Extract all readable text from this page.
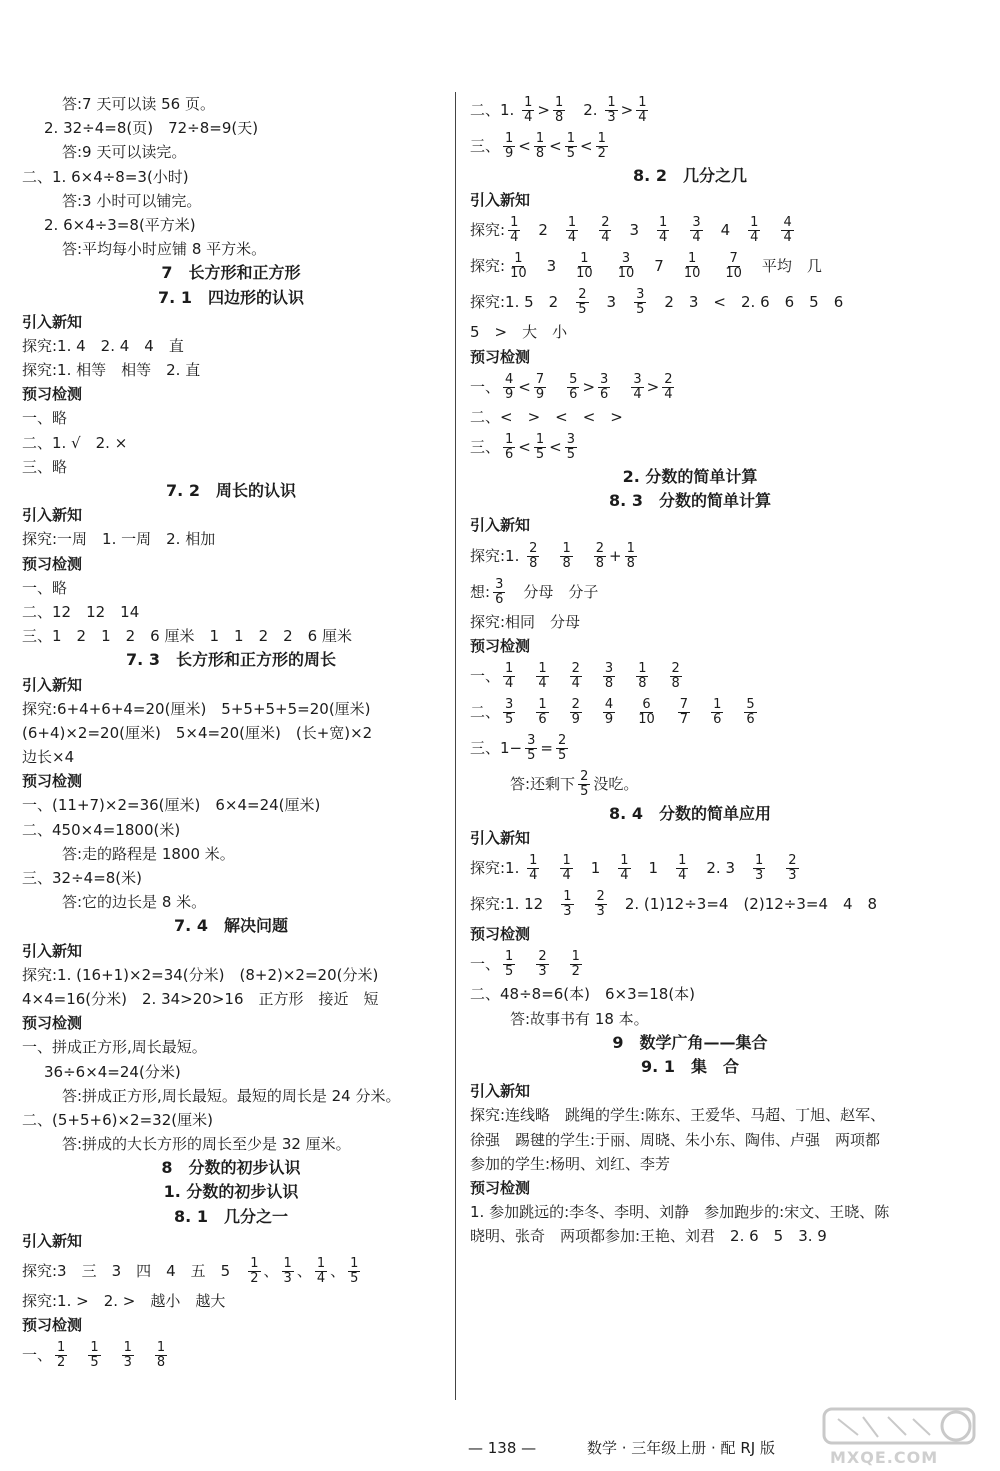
答:7 天可以读 56 页。
2. 32÷4=8(页)　72÷8=9(天)
答:9 天可以读完。
二、1. 6×4÷8=3(小时)
答:3 小时可以铺完。
2. 6×4÷3=8(平方米)
答:平均每小时应铺 8 平方米。
7　长方形和正方形
7. 1　四边形的认识
引入新知
探究:1. 4　2. 4　4　直
探究:1. 相等　相等　2. 直
预习检测
一、略
二、1. √　2. ×
三、略
7. 2　周长的认识
引入新知
探究:一周　1. 一周　2. 相加
预习检测
一、略
二、12　12　14
三、1　2　1　2　6 厘米　1　1　2　2　6 厘米
7. 3　长方形和正方形的周长
引入新知
探究:6+4+6+4=20(厘米)　5+5+5+5=20(厘米)
(6+4)×2=20(厘米)　5×4=20(厘米)　(长+宽)×2
边长×4
预习检测
一、(11+7)×2=36(厘米)　6×4=24(厘米)
二、450×4=1800(米)
答:走的路程是 1800 米。
三、32÷4=8(米)
答:它的边长是 8 米。
7. 4　解决问题
引入新知
探究:1. (16+1)×2=34(分米)　(8+2)×2=20(分米)
4×4=16(分米)　2. 34>20>16　正方形　接近　短
预习检测
一、拼成正方形,周长最短。
36÷6×4=24(分米)
答:拼成正方形,周长最短。最短的周长是 24 分米。
二、(5+5+6)×2=32(厘米)
答:拼成的大长方形的周长至少是 32 厘米。
8　分数的初步认识
1. 分数的初步认识
8. 1　几分之一
引入新知
探究:3　三　3　四　4　五　5　 $\frac{1}{2}$ 、 $\frac{1}{3}$ 、 $\frac{1}{4}$ 、 $\frac{1}{5}$
探究:1. >　2. >　越小　越大
预习检测
一、 $\frac{1}{2}$
　 $\frac{1}{5}$
　 $\frac{1}{3}$
　 $\frac{1}{8}$
二、1. $\frac{1}{4} > \frac{1}{8}$ 　2. $\frac{1}{3} > \frac{1}{4}$
三、 $\frac{1}{9} < \frac{1}{8} < \frac{1}{5} < \frac{1}{2}$
8. 2　几分之几
引入新知
探究: $\frac{1}{4}$ 　2　 $\frac{1}{4}$
　 $\frac{2}{4}$ 　3　 $\frac{1}{4}$
　 $\frac{3}{4}$ 　4　 $\frac{1}{4}$
　 $\frac{4}{4}$
探究: $\frac{1}{10}$ 　3　 $\frac{1}{10}$
　 $\frac{3}{10}$ 　7　 $\frac{1}{10}$
　 $\frac{7}{10}$ 　平均　几
探究:1. 5　2　 $\frac{2}{5}$ 　3　 $\frac{3}{5}$ 　2　3　<　2. 6　6　5　6
5　>　大　小
预习检测
一、 $\frac{4}{9} < \frac{7}{9}$
　 $\frac{5}{6} > \frac{3}{6}$
　 $\frac{3}{4} > \frac{2}{4}$
二、<　>　<　<　>
三、 $\frac{1}{6} < \frac{1}{5} < \frac{3}{5}$
2. 分数的简单计算
8. 3　分数的简单计算
引入新知
探究:1. $\frac{2}{8}$
　 $\frac{1}{8}$
　 $\frac{2}{8} + \frac{1}{8}$
想: $\frac{3}{6}$ 　分母　分子
探究:相同　分母
预习检测
一、 $\frac{1}{4}$
　 $\frac{1}{4}$
　 $\frac{2}{4}$
　 $\frac{3}{8}$
　 $\frac{1}{8}$
　 $\frac{2}{8}$
二、 $\frac{3}{5}$
　 $\frac{1}{6}$
　 $\frac{2}{9}$
　 $\frac{4}{9}$
　 $\frac{6}{10}$
　 $\frac{7}{7}$
　 $\frac{1}{6}$
　 $\frac{5}{6}$
三、$1- \frac{3}{5} = \frac{2}{5}$
答:还剩下 $\frac{2}{5}$ 没吃。
8. 4　分数的简单应用
引入新知
探究:1. $\frac{1}{4}$
　 $\frac{1}{4}$ 　1　 $\frac{1}{4}$ 　1　 $\frac{1}{4}$ 　2. 3　 $\frac{1}{3}$
　 $\frac{2}{3}$
探究:1. 12　 $\frac{1}{3}$
　 $\frac{2}{3}$ 　2. (1)12÷3=4　(2)12÷3=4　4　8
预习检测
一、 $\frac{1}{5}$
　 $\frac{2}{3}$
　 $\frac{1}{2}$
二、48÷8=6(本)　6×3=18(本)
答:故事书有 18 本。
9　数学广角——集合
9. 1　集　合
引入新知
探究:连线略　跳绳的学生:陈东、王爱华、马超、丁旭、赵军、
徐强　踢毽的学生:于丽、周晓、朱小东、陶伟、卢强　两项都
参加的学生:杨明、刘红、李芳
预习检测
1. 参加跳远的:李冬、李明、刘静　参加跑步的:宋文、王晓、陈
晓明、张奇　两项都参加:王艳、刘君　2. 6　5　3. 9
— 138 —	数学 · 三年级上册 · 配 RJ 版	MXQE.COM
